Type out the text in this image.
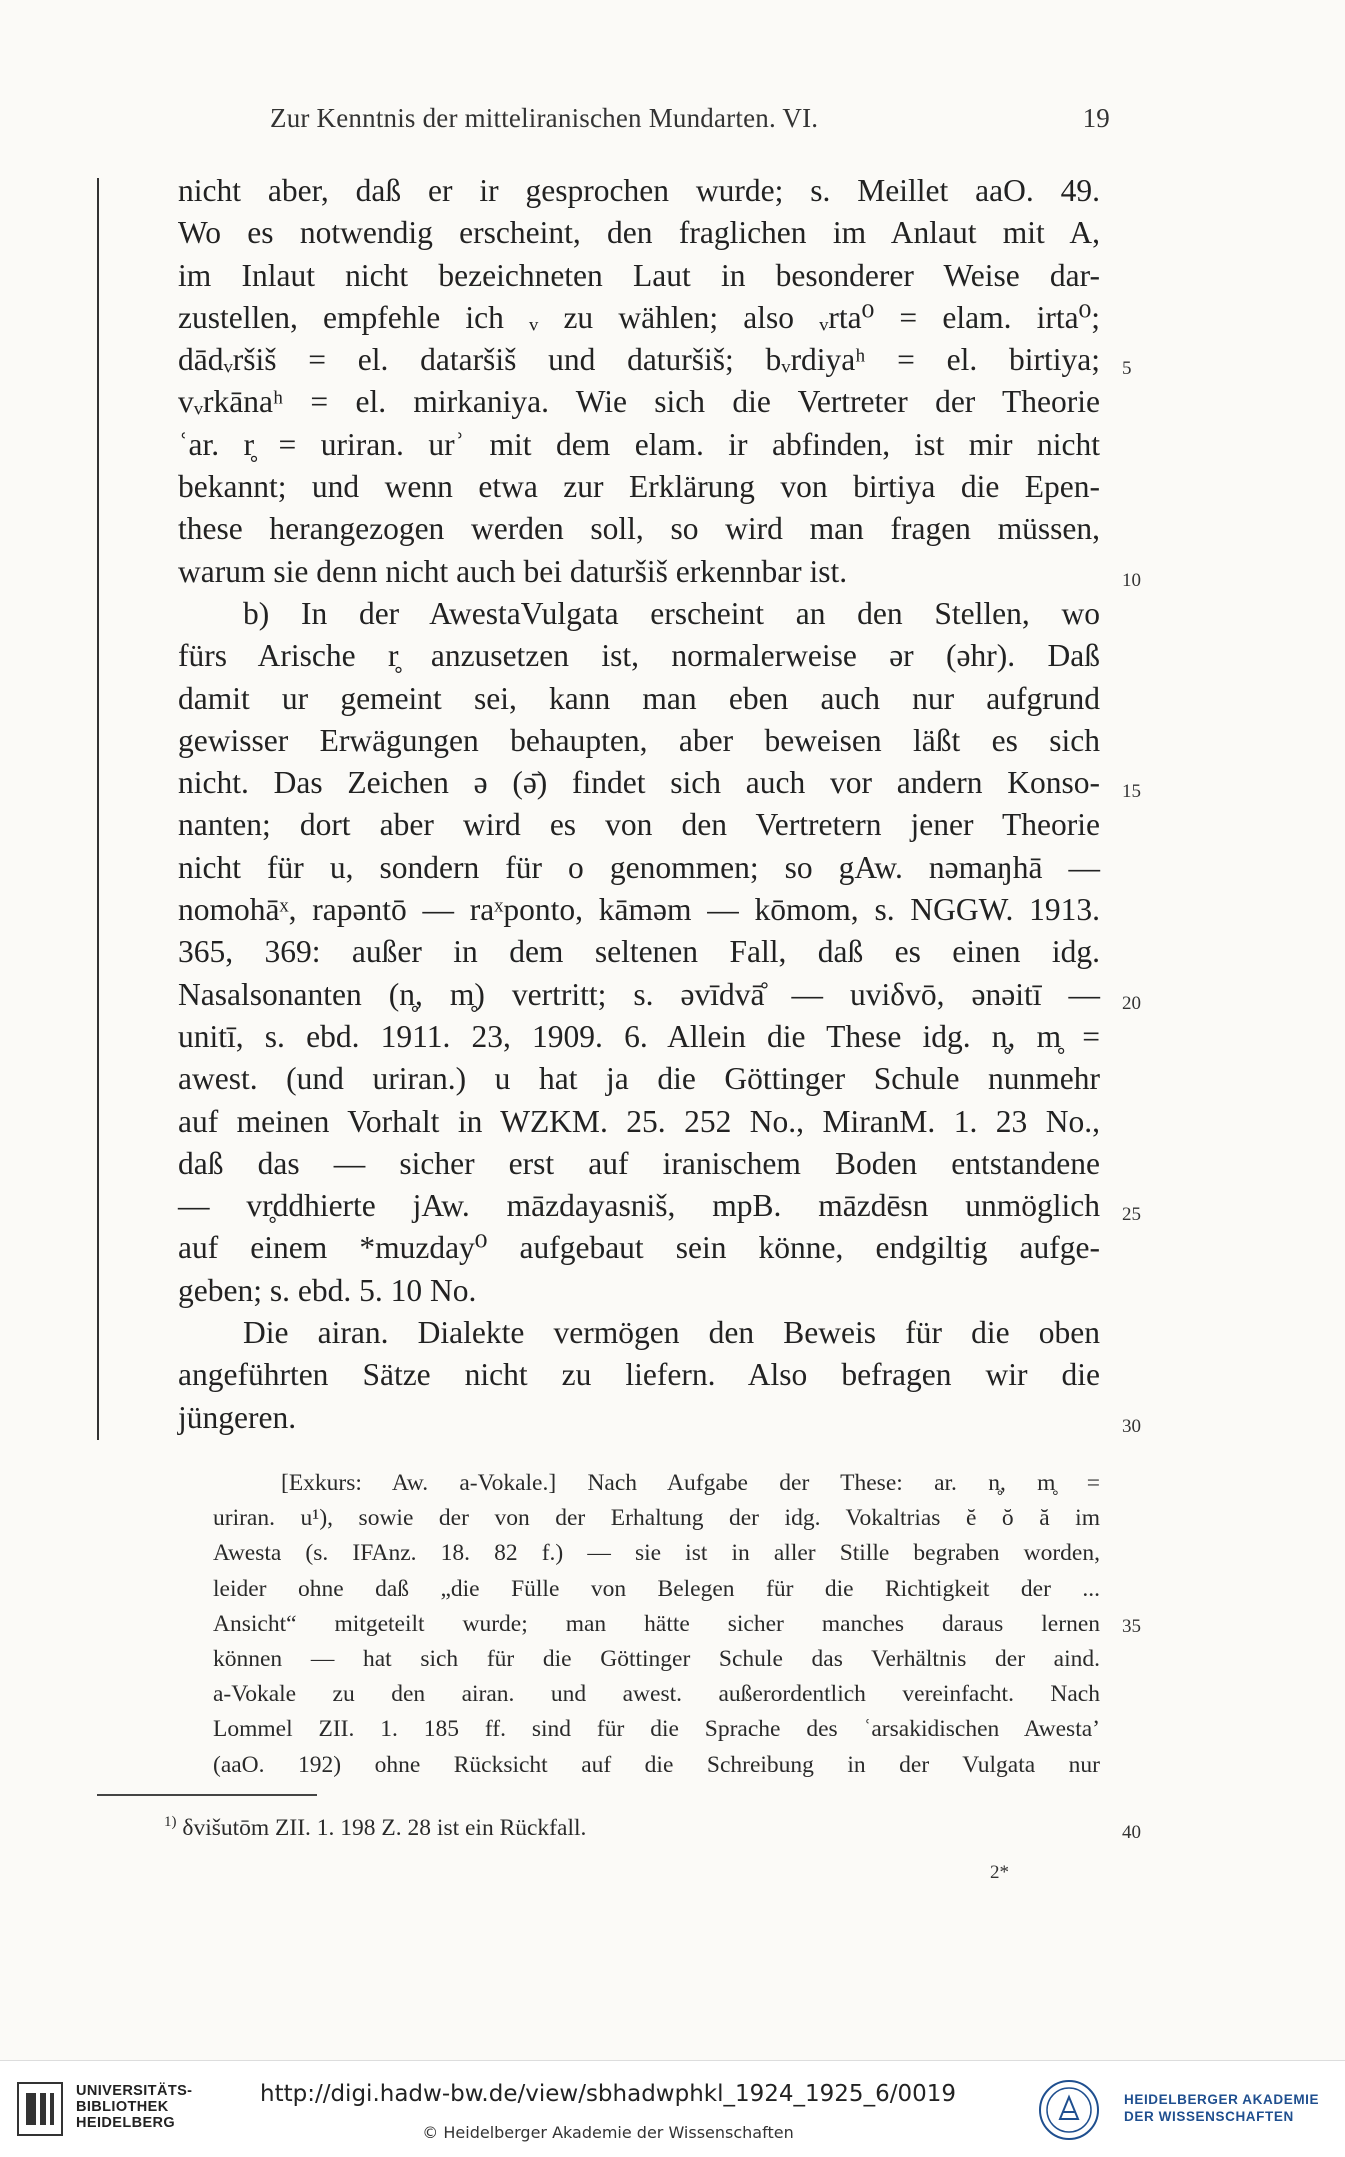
Zur Kenntnis der mitteliranischen Mundarten. VI.	19
nicht aber, daß er ir gesprochen wurde; s. Meillet aaO. 49.
Wo es notwendig erscheint, den fraglichen im Anlaut mit A,
im Inlaut nicht bezeichneten Laut in besonderer Weise dar-
zustellen, empfehle ich ᵥ zu wählen; also ᵥrta⁰ = elam. irta⁰;
dādᵥršiš = el. dataršiš und daturšiš; bᵥrdiyaʰ = el. birtiya;
vᵥrkānaʰ = el. mirkaniya. Wie sich die Vertreter der Theorie
ʿar. r̥ = uriran. urʾ mit dem elam. ir abfinden, ist mir nicht
bekannt; und wenn etwa zur Erklärung von birtiya die Epen-
these herangezogen werden soll, so wird man fragen müssen,
warum sie denn nicht auch bei daturšiš erkennbar ist.
b) In der AwestaVulgata erscheint an den Stellen, wo
fürs Arische r̥ anzusetzen ist, normalerweise ər (əhr). Daß
damit ur gemeint sei, kann man eben auch nur aufgrund
gewisser Erwägungen behaupten, aber beweisen läßt es sich
nicht. Das Zeichen ə (ə̄) findet sich auch vor andern Konso-
nanten; dort aber wird es von den Vertretern jener Theorie
nicht für u, sondern für o genommen; so gAw. nəmaŋhā —
nomohāˣ, rapəntō — raˣponto, kāməm — kōmom, s. NGGW. 1913.
365, 369: außer in dem seltenen Fall, daß es einen idg.
Nasalsonanten (n̥, m̥) vertritt; s. əvīdvā̊ — uviδvō, ənəitī —
unitī, s. ebd. 1911. 23, 1909. 6. Allein die These idg. n̥, m̥ =
awest. (und uriran.) u hat ja die Göttinger Schule nunmehr
auf meinen Vorhalt in WZKM. 25. 252 No., MiranM. 1. 23 No.,
daß das — sicher erst auf iranischem Boden entstandene
— vr̥ddhierte jAw. māzdayasniš, mpB. māzdēsn unmöglich
auf einem *muzday⁰ aufgebaut sein könne, endgiltig aufge-
geben; s. ebd. 5. 10 No.
Die airan. Dialekte vermögen den Beweis für die oben
angeführten Sätze nicht zu liefern. Also befragen wir die
jüngeren.
5
10
15
20
25
30
35
40
[Exkurs: Aw. a-Vokale.] Nach Aufgabe der These: ar. n̥, m̥ =
uriran. u¹), sowie der von der Erhaltung der idg. Vokaltrias ĕ ŏ ă im
Awesta (s. IFAnz. 18. 82 f.) — sie ist in aller Stille begraben worden,
leider ohne daß „die Fülle von Belegen für die Richtigkeit der ...
Ansicht“ mitgeteilt wurde; man hätte sicher manches daraus lernen
können — hat sich für die Göttinger Schule das Verhältnis der aind.
a-Vokale zu den airan. und awest. außerordentlich vereinfacht. Nach
Lommel ZII. 1. 185 ff. sind für die Sprache des ʿarsakidischen Awesta’
(aaO. 192) ohne Rücksicht auf die Schreibung in der Vulgata nur
$^{1)}$ δvišutōm ZII. 1. 198 Z. 28 ist ein Rückfall.
2*
UNIVERSITÄTS-
BIBLIOTHEK
HEIDELBERG
http://digi.hadw-bw.de/view/sbhadwphkl_1924_1925_6/0019
© Heidelberger Akademie der Wissenschaften
HEIDELBERGER AKADEMIE
DER WISSENSCHAFTEN
